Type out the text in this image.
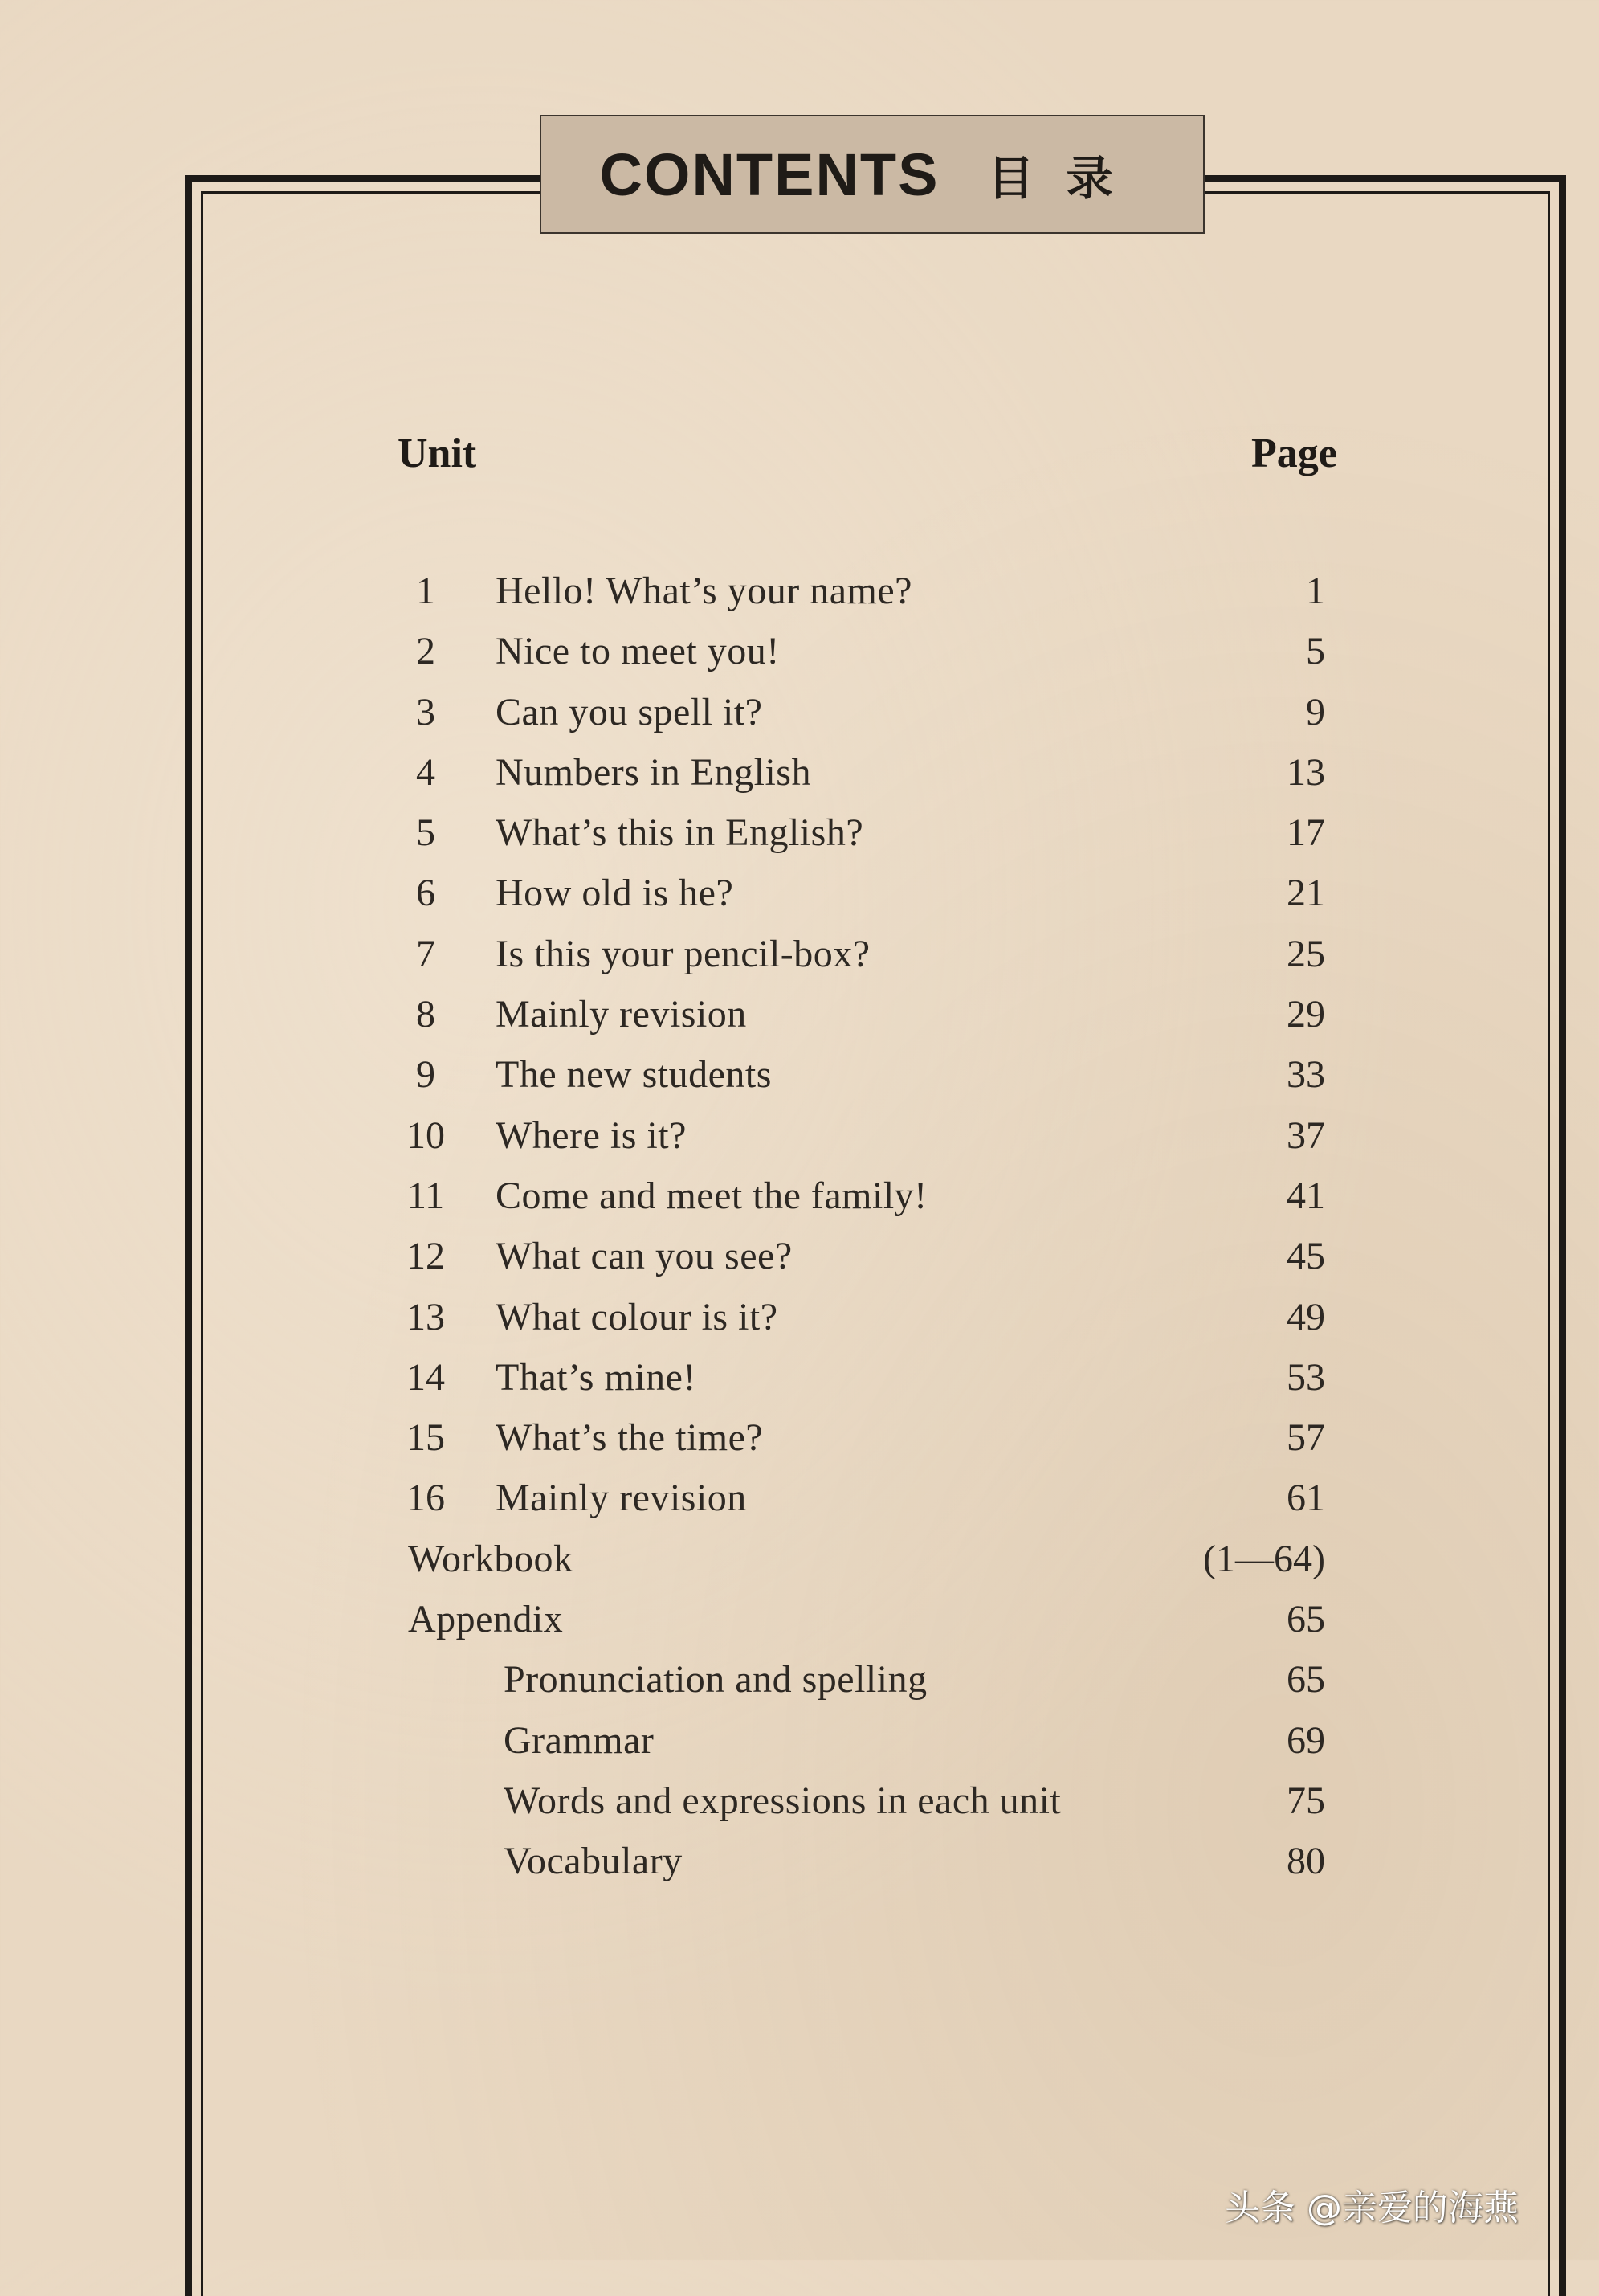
CONTENTS 目录
Unit	Page
1	Hello! What’s your name?	1
2	Nice to meet you!	5
3	Can you spell it?	9
4	Numbers in English	13
5	What’s this in English?	17
6	How old is he?	21
7	Is this your pencil-box?	25
8	Mainly revision	29
9	The new students	33
10	Where is it?	37
11	Come and meet the family!	41
12	What can you see?	45
13	What colour is it?	49
14	That’s mine!	53
15	What’s the time?	57
16	Mainly revision	61
Workbook	(1—64)
Appendix	65
Pronunciation and spelling	65
Grammar	69
Words and expressions in each unit	75
Vocabulary	80
头条 @亲爱的海燕
